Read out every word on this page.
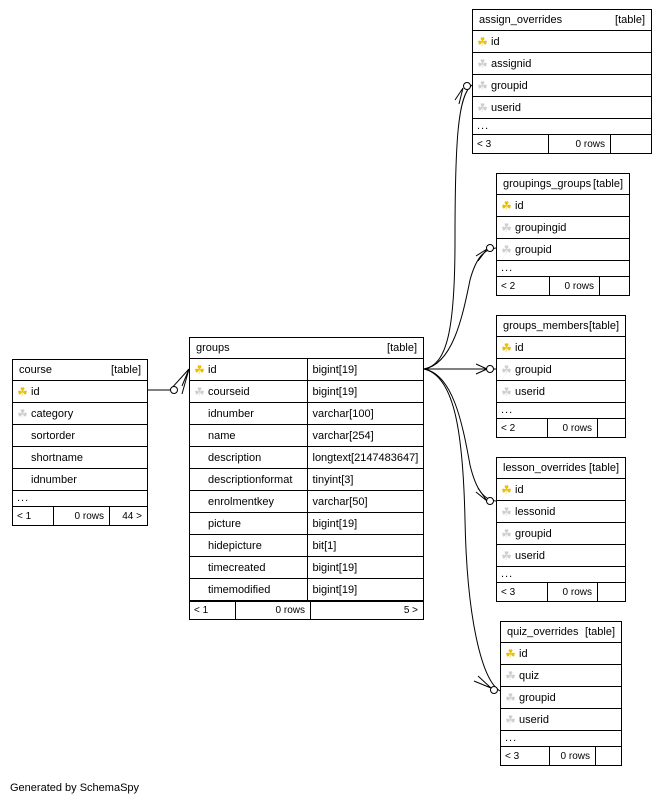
course	[table]
☘ id
☘ category
sortorder
shortname
idnumber
...
< 1	0 rows	44 >
groups	[table]
☘ id	bigint[19]
☘ courseid	bigint[19]
idnumber	varchar[100]
name	varchar[254]
description	longtext[2147483647]
descriptionformat	tinyint[3]
enrolmentkey	varchar[50]
picture	bigint[19]
hidepicture	bit[1]
timecreated	bigint[19]
timemodified	bigint[19]
< 1	0 rows	5 >
assign_overrides	[table]
☘ id
☘ assignid
☘ groupid
☘ userid
...
< 3	0 rows
groupings_groups [table]
☘ id
☘ groupingid
☘ groupid
...
< 2	0 rows
groups_members [table]
☘ id
☘ groupid
☘ userid
...
< 2	0 rows
lesson_overrides [table]
☘ id
☘ lessonid
☘ groupid
☘ userid
...
< 3	0 rows
quiz_overrides [table]
☘ id
☘ quiz
☘ groupid
☘ userid
...
< 3	0 rows
Generated by SchemaSpy
